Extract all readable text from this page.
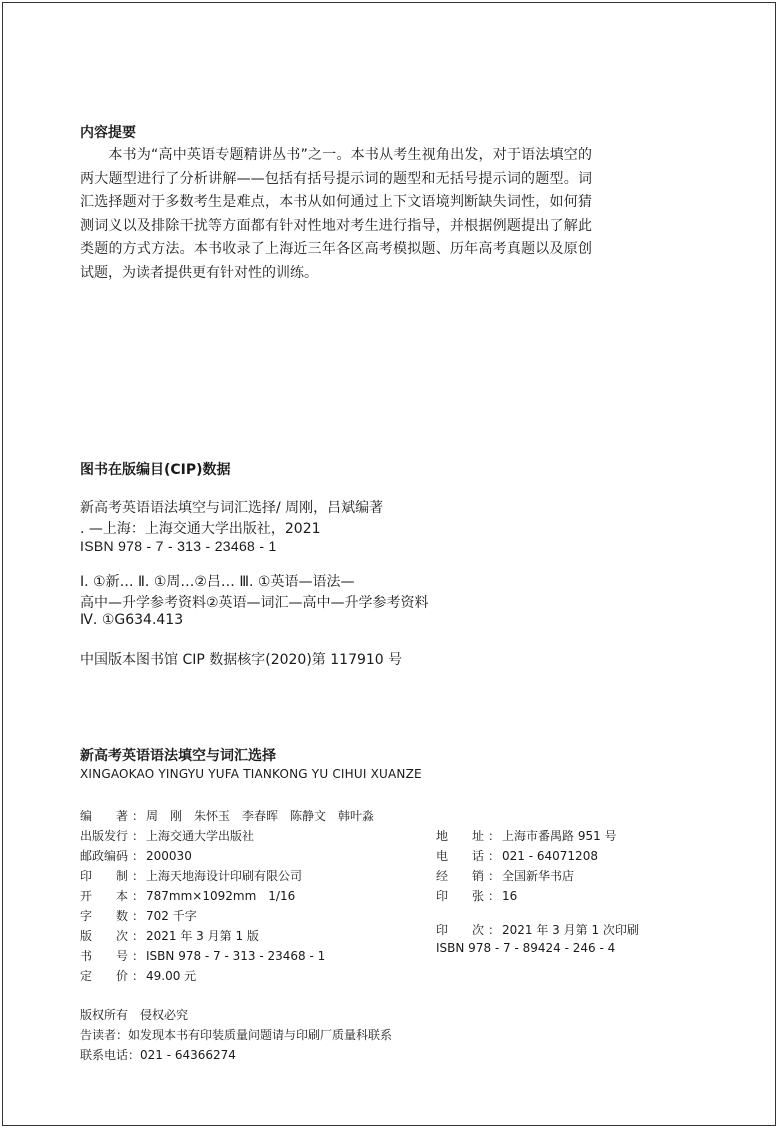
内容提要
　　本书为“高中英语专题精讲丛书”之一。本书从考生视角出发，对于语法填空的两大题型进行了分析讲解——包括有括号提示词的题型和无括号提示词的题型。词汇选择题对于多数考生是难点，本书从如何通过上下文语境判断缺失词性，如何猜测词义以及排除干扰等方面都有针对性地对考生进行指导，并根据例题提出了解此类题的方式方法。本书收录了上海近三年各区高考模拟题、历年高考真题以及原创试题，为读者提供更有针对性的训练。
图书在版编目(CIP)数据
新高考英语语法填空与词汇选择/ 周刚，吕斌编著
. —上海：上海交通大学出版社，2021
ISBN 978 - 7 - 313 - 23468 - 1
Ⅰ. ①新… Ⅱ. ①周…②吕… Ⅲ. ①英语—语法—
高中—升学参考资料②英语—词汇—高中—升学参考资料
Ⅳ. ①G634.413
中国版本图书馆 CIP 数据核字(2020)第 117910 号
新高考英语语法填空与词汇选择
XINGAOKAO YINGYU YUFA TIANKONG YU CIHUI XUANZE
编　　著 ： 周　刚　朱怀玉　李春晖　陈静文　韩叶淼
出版发行 ： 上海交通大学出版社
邮政编码 ： 200030
印　　制 ： 上海天地海设计印刷有限公司
开　　本 ： 787mm×1092mm　1/16
字　　数 ： 702 千字
版　　次 ： 2021 年 3 月第 1 版
书　　号 ： ISBN 978 - 7 - 313 - 23468 - 1
定　　价 ： 49.00 元
地　　址 ： 上海市番禺路 951 号
电　　话 ： 021 - 64071208
经　　销 ： 全国新华书店
印　　张 ： 16
印　　次 ： 2021 年 3 月第 1 次印刷
ISBN 978 - 7 - 89424 - 246 - 4
版权所有　侵权必究
告读者：如发现本书有印装质量问题请与印刷厂质量科联系
联系电话：021 - 64366274
